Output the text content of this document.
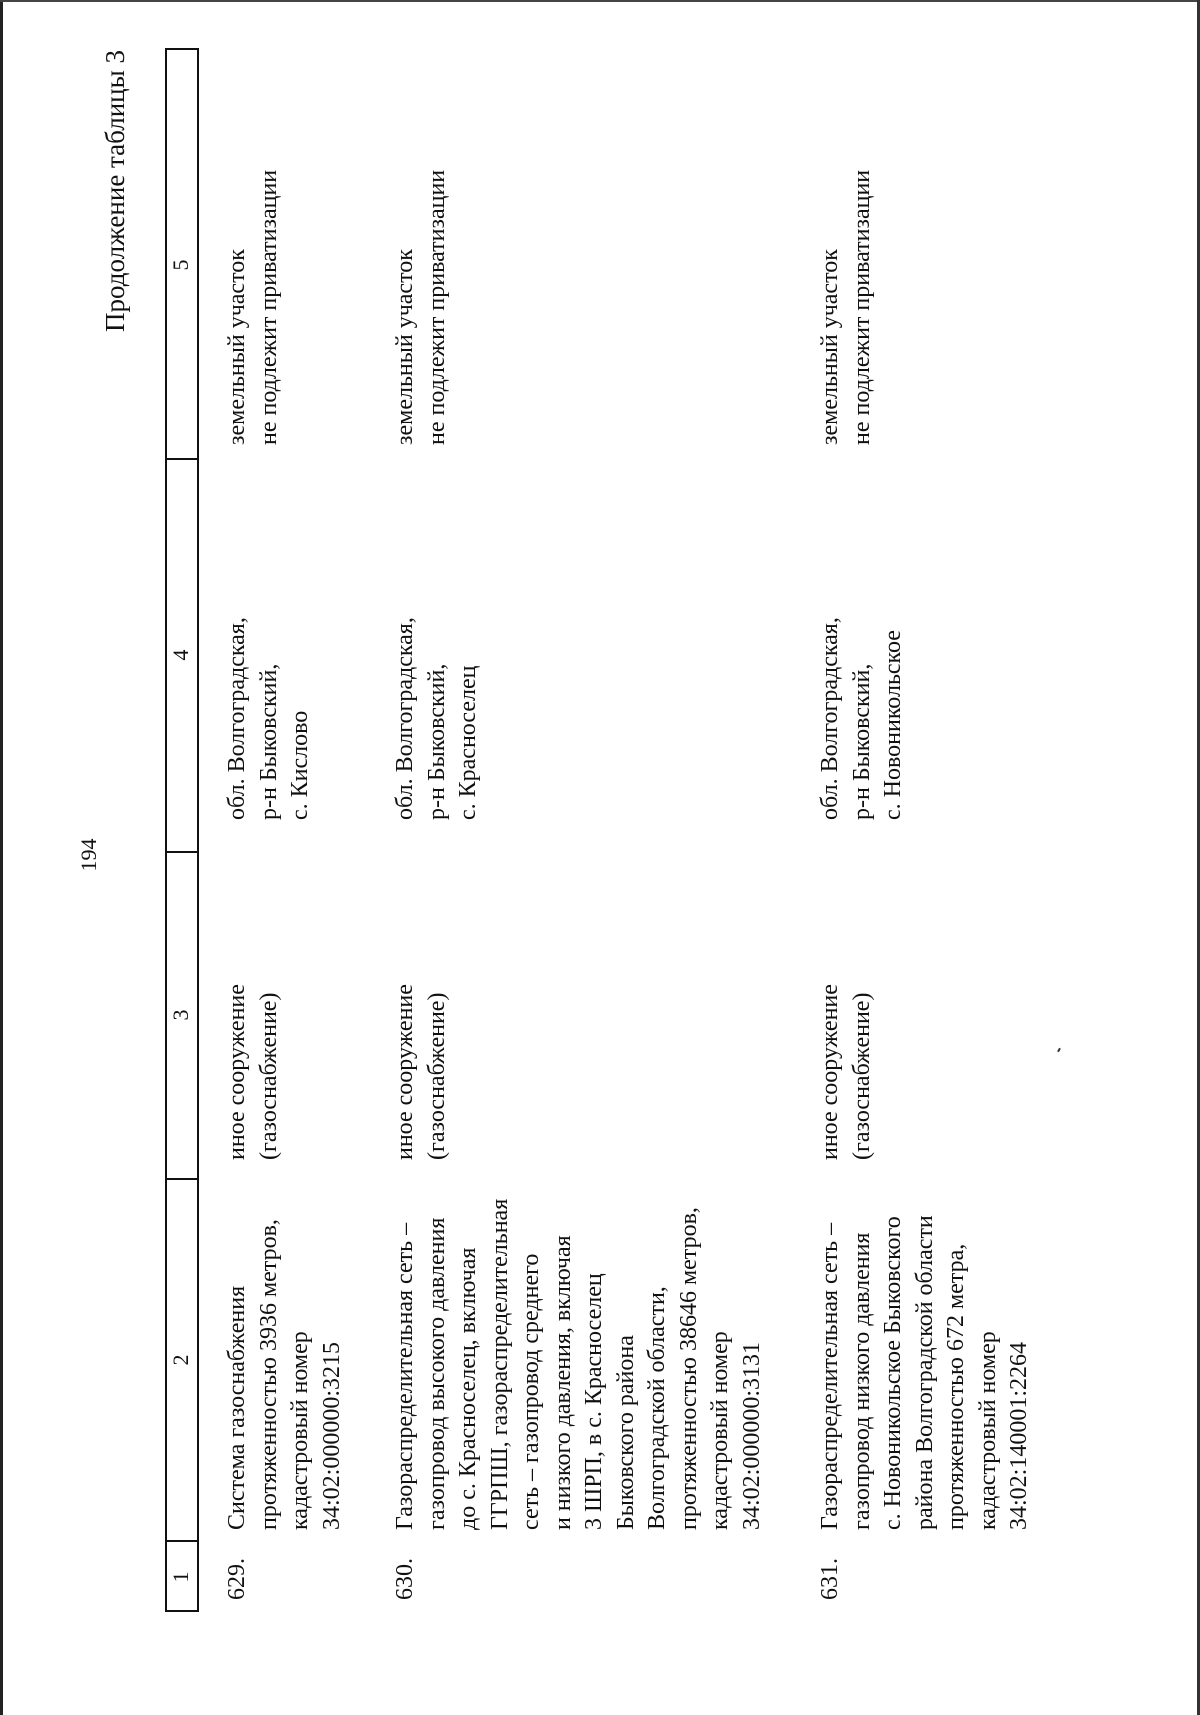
194
Продолжение таблицы 3
1
2
3
4
5
629.
Система газоснабжения протяженностью 3936 метров, кадастровый номер 34:02:000000:3215
иное сооружение (газоснабжение)
обл. Волгоградская, р-н Быковский, с. Кислово
земельный участок не подлежит приватизации
630.
Газораспределительная сеть – газопровод высокого давления до с. Красноселец, включая ГГРПШ, газораспределительная сеть – газопровод среднего и низкого давления, включая 3 ШРП, в с. Красноселец Быковского района Волгоградской области, протяженностью 38646 метров, кадастровый номер 34:02:000000:3131
иное сооружение (газоснабжение)
обл. Волгоградская, р-н Быковский, с. Красноселец
земельный участок не подлежит приватизации
631.
Газораспределительная сеть – газопровод низкого давления с. Новоникольское Быковского района Волгоградской области протяженностью 672 метра, кадастровый номер 34:02:140001:2264
иное сооружение (газоснабжение)
обл. Волгоградская, р-н Быковский, с. Новоникольское
земельный участок не подлежит приватизации
